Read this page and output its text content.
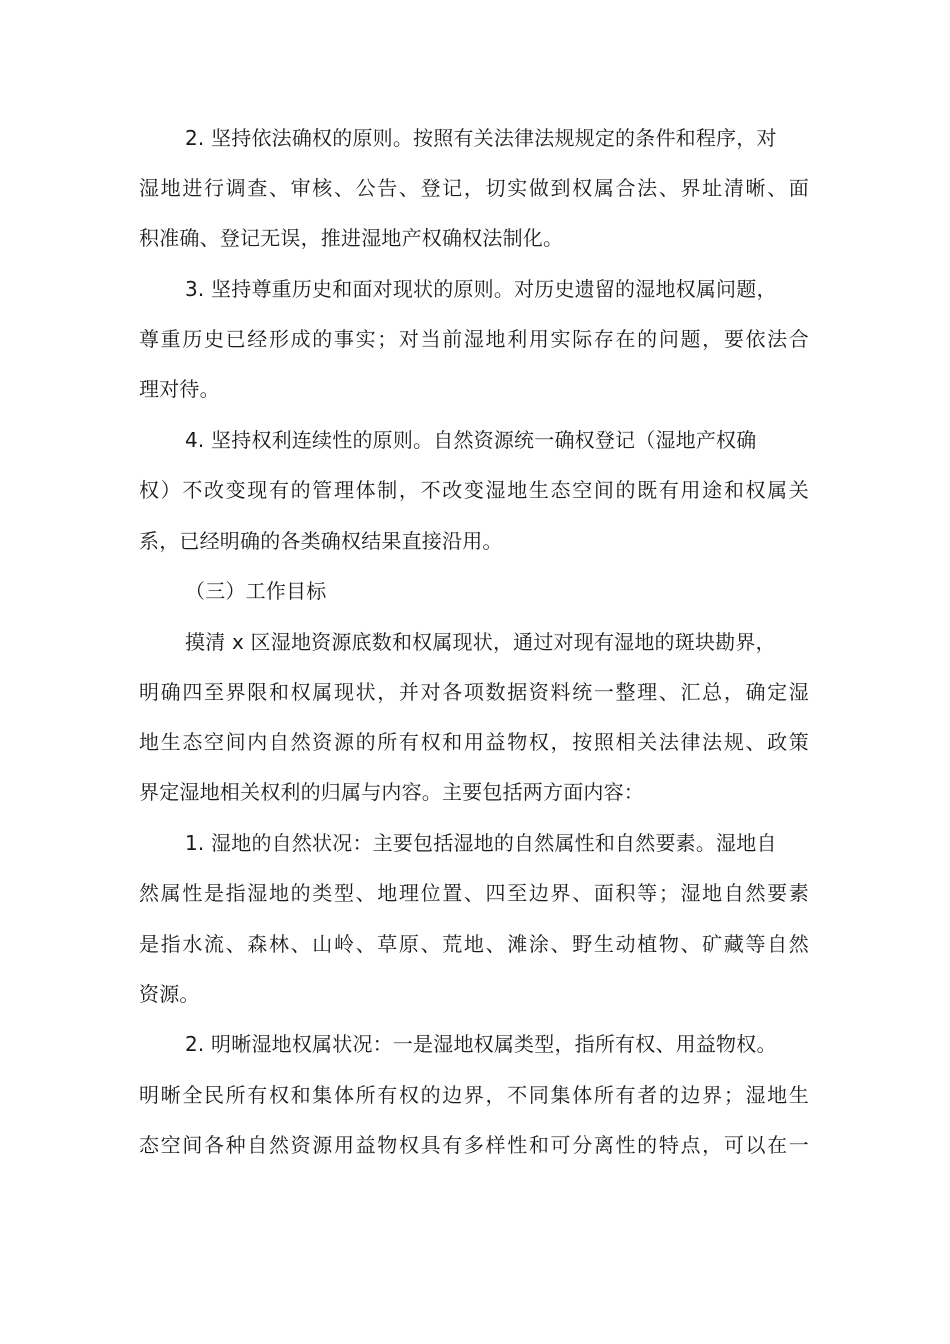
2. 坚持依法确权的原则。按照有关法律法规规定的条件和程序，对
湿地进行调查、审核、公告、登记，切实做到权属合法、界址清晰、面
积准确、登记无误，推进湿地产权确权法制化。
3. 坚持尊重历史和面对现状的原则。对历史遗留的湿地权属问题，
尊重历史已经形成的事实；对当前湿地利用实际存在的问题，要依法合
理对待。
4. 坚持权利连续性的原则。自然资源统一确权登记（湿地产权确
权）不改变现有的管理体制，不改变湿地生态空间的既有用途和权属关
系，已经明确的各类确权结果直接沿用。
（三）工作目标
摸清 x 区湿地资源底数和权属现状，通过对现有湿地的斑块勘界，
明确四至界限和权属现状，并对各项数据资料统一整理、汇总，确定湿
地生态空间内自然资源的所有权和用益物权，按照相关法律法规、政策
界定湿地相关权利的归属与内容。主要包括两方面内容：
1. 湿地的自然状况：主要包括湿地的自然属性和自然要素。湿地自
然属性是指湿地的类型、地理位置、四至边界、面积等；湿地自然要素
是指水流、森林、山岭、草原、荒地、滩涂、野生动植物、矿藏等自然
资源。
2. 明晰湿地权属状况：一是湿地权属类型，指所有权、用益物权。
明晰全民所有权和集体所有权的边界，不同集体所有者的边界；湿地生
态空间各种自然资源用益物权具有多样性和可分离性的特点，可以在一
